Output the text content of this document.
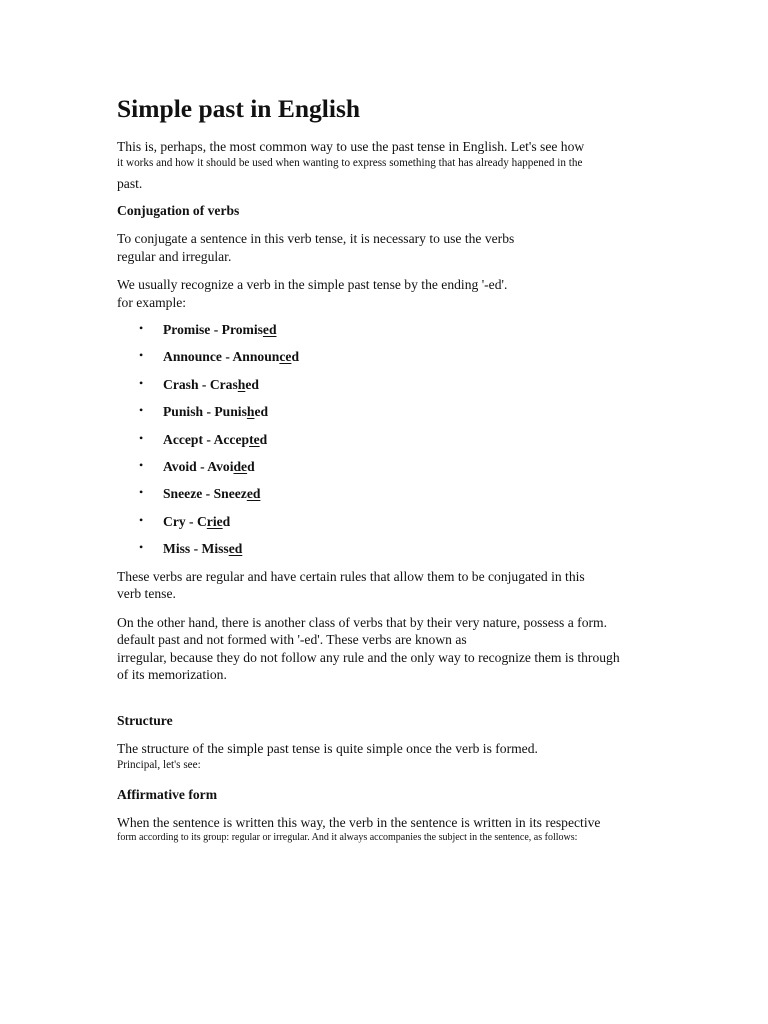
Simple past in English

This is, perhaps, the most common way to use the past tense in English. Let's see how
it works and how it should be used when wanting to express something that has already happened in the
past.

Conjugation of verbs

To conjugate a sentence in this verb tense, it is necessary to use the verbs
regular and irregular.

We usually recognize a verb in the simple past tense by the ending '-ed'.
for example:

• Promise - Promised
• Announce - Announced
• Crash - Crashed
• Punish - Punished
• Accept - Accepted
• Avoid - Avoided
• Sneeze - Sneezed
• Cry - Cried
• Miss - Missed

These verbs are regular and have certain rules that allow them to be conjugated in this
verb tense.

On the other hand, there is another class of verbs that by their very nature, possess a form.
default past and not formed with '-ed'. These verbs are known as
irregular, because they do not follow any rule and the only way to recognize them is through
of its memorization.

Structure

The structure of the simple past tense is quite simple once the verb is formed.
Principal, let's see:

Affirmative form

When the sentence is written this way, the verb in the sentence is written in its respective
form according to its group: regular or irregular. And it always accompanies the subject in the sentence, as follows:
